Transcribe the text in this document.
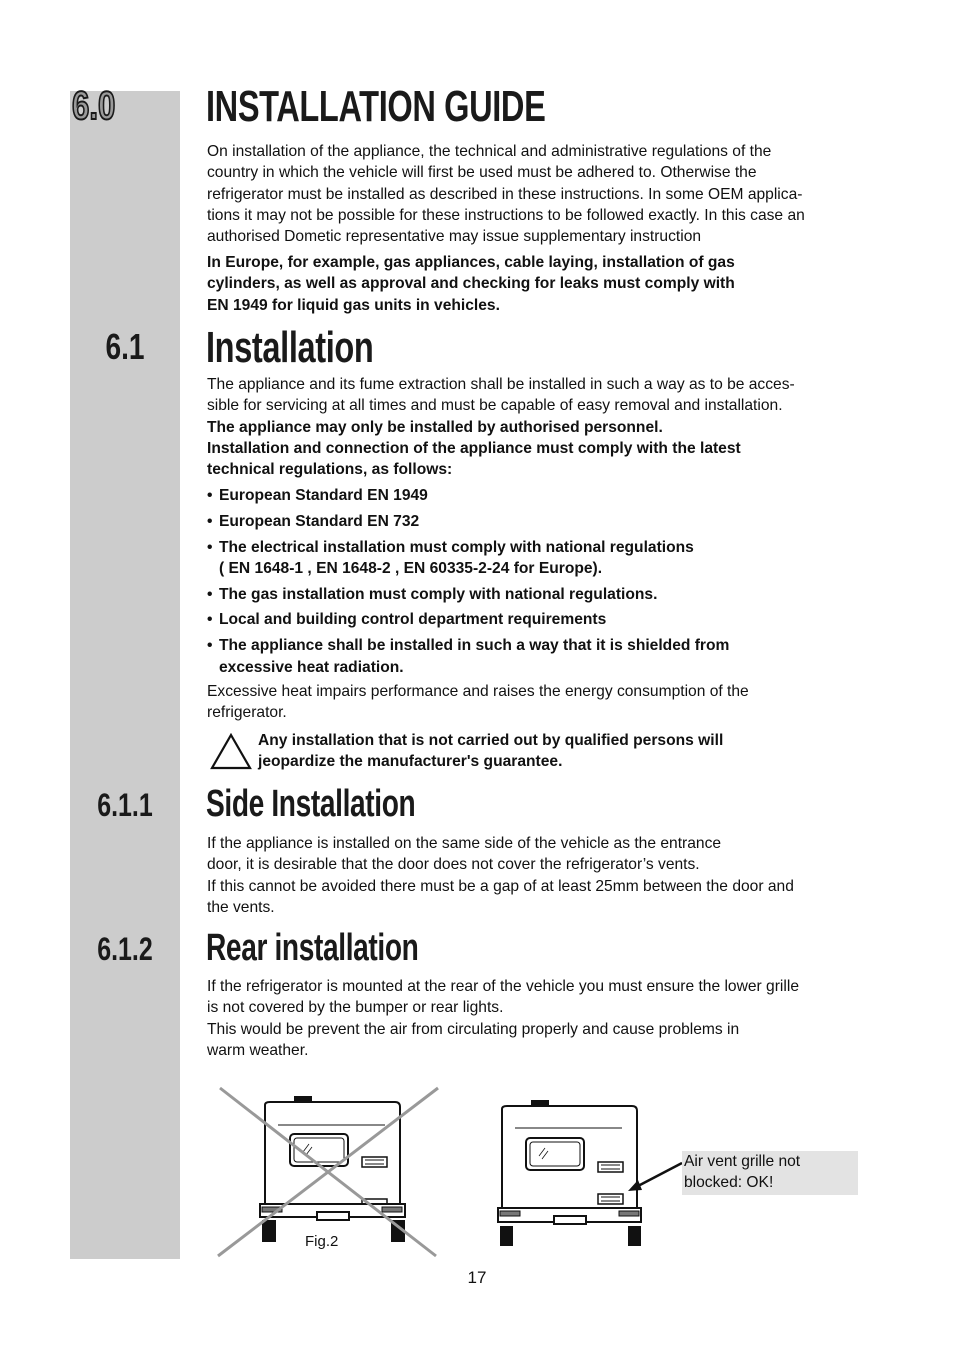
6.0 INSTALLATION GUIDE
On installation of the appliance, the technical and administrative regulations of the
country in which the vehicle will first be used must be adhered to. Otherwise the
refrigerator must be installed as described in these instructions. In some OEM applica-
tions it may not be possible for these instructions to be followed exactly. In this case an
authorised Dometic representative may issue supplementary instruction
In Europe, for example, gas appliances, cable laying, installation of gas
cylinders, as well as approval and checking for leaks must comply with
EN 1949 for liquid gas units in vehicles.
6.1	Installation
The appliance and its fume extraction shall be installed in such a way as to be acces-
sible for servicing at all times and must be capable of easy removal and installation.
The appliance may only be installed by authorised personnel.
Installation and connection of the appliance must comply with the latest
technical regulations, as follows:
• European Standard EN 1949
• European Standard EN 732
• The electrical installation must comply with national regulations
( EN 1648-1 , EN 1648-2 , EN 60335-2-24 for Europe).
• The gas installation must comply with national regulations.
• Local and building control department requirements
• The appliance shall be installed in such a way that it is shielded from
excessive heat radiation.
Excessive heat impairs performance and raises the energy consumption of the
refrigerator.
Any installation that is not carried out by qualified persons will
jeopardize the manufacturer's guarantee.
6.1.1	Side Installation
If the appliance is installed on the same side of the vehicle as the entrance
door, it is desirable that the door does not cover the refrigerator’s vents.
If this cannot be avoided there must be a gap of at least 25mm between the door and
the vents.
6.1.2	Rear installation
If the refrigerator is mounted at the rear of the vehicle you must ensure the lower grille
is not covered by the bumper or rear lights.
This would be prevent the air from circulating properly and cause problems in
warm weather.
Fig.2
Air vent grille not
blocked: OK!
17
